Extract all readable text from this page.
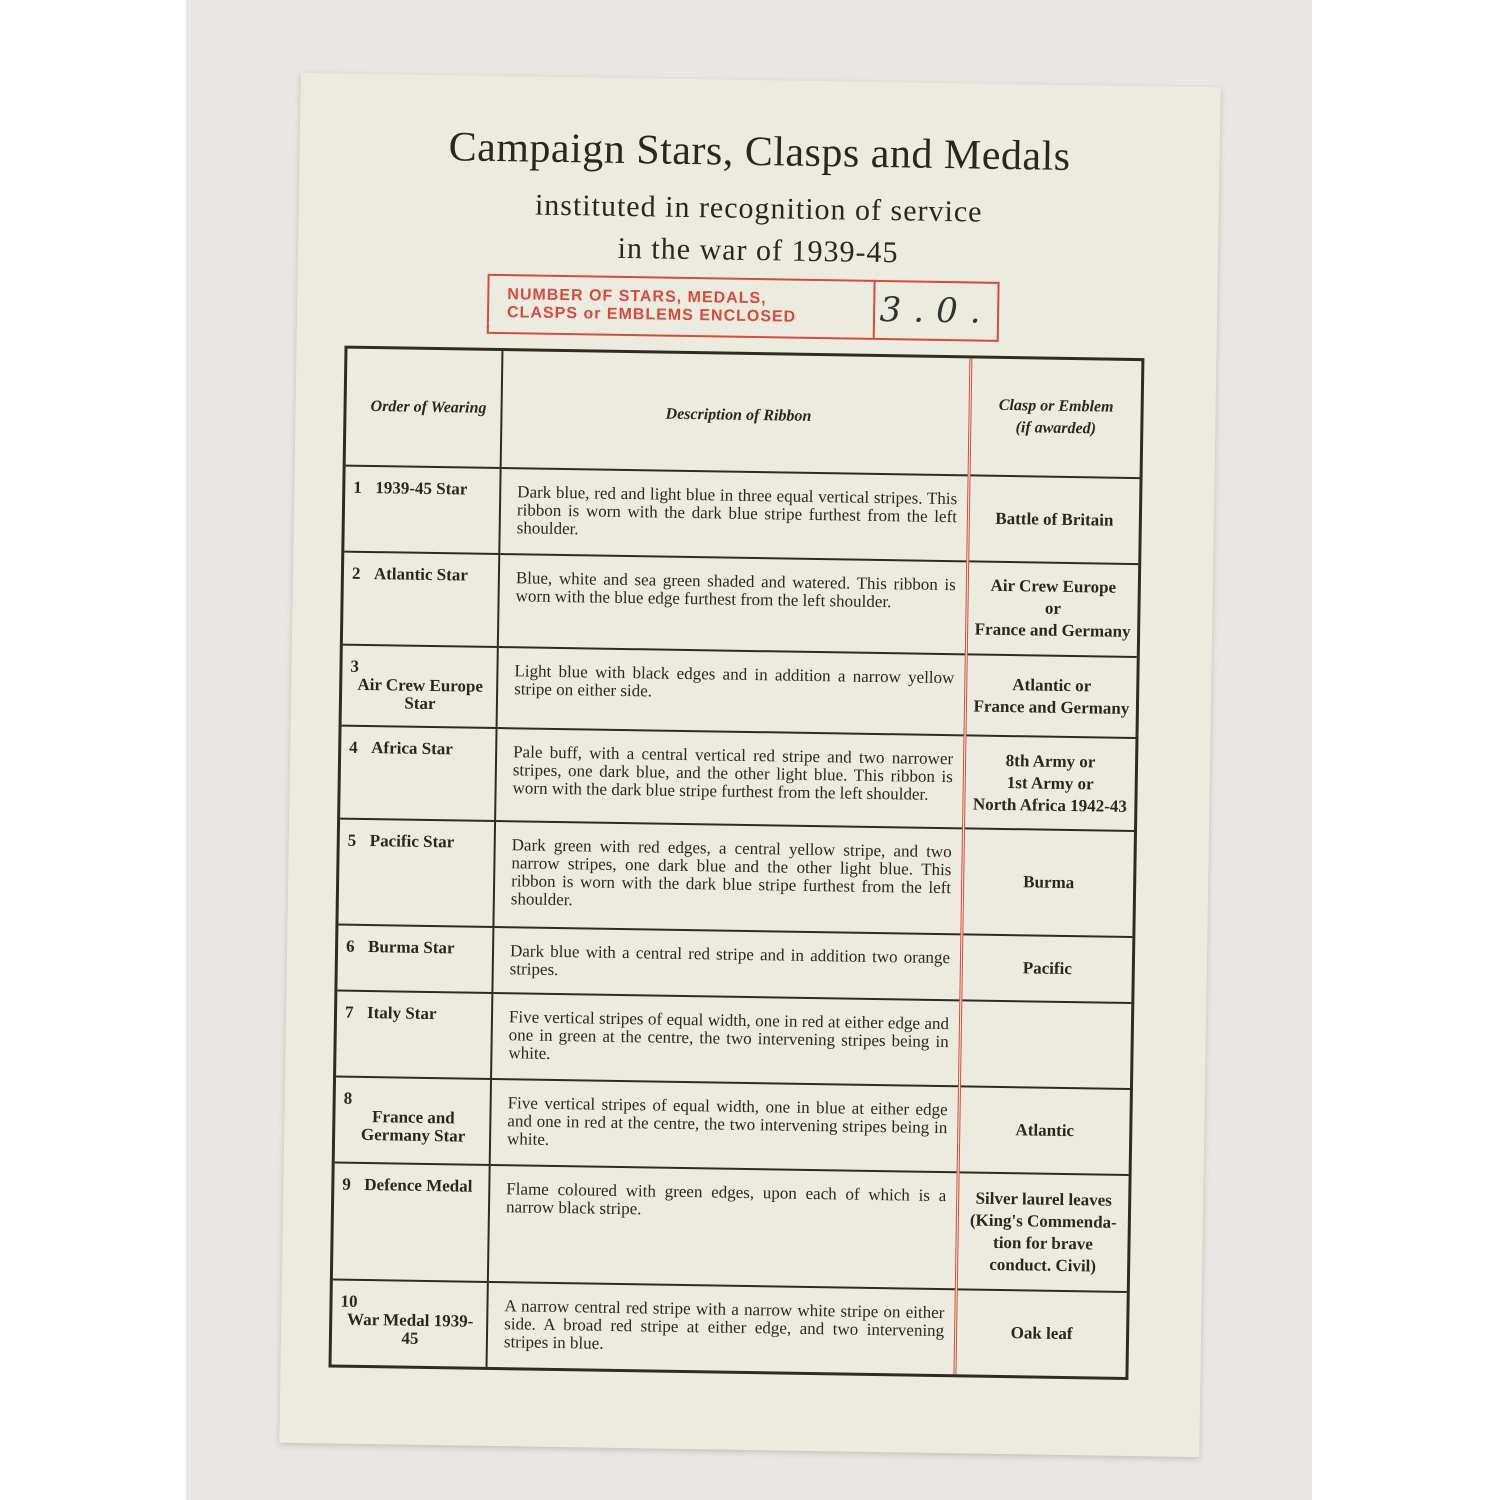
Campaign Stars, Clasps and Medals
instituted in recognition of service
in the war of 1939-45
NUMBER OF STARS, MEDALS,
CLASPS or EMBLEMS ENCLOSED	3.0.
Order of Wearing	Description of Ribbon	Clasp or Emblem
(if awarded)

1 1939-45 Star	Dark blue, red and light blue in three equal vertical stripes. This ribbon is worn with the dark blue stripe furthest from the left shoulder.	Battle of Britain

2 Atlantic Star	Blue, white and sea green shaded and watered. This ribbon is worn with the blue edge furthest from the left shoulder.	Air Crew Europe
or
France and Germany

3Air Crew Europe Star	Light blue with black edges and in addition a narrow yellow stripe on either side.	Atlantic or
France and Germany

4 Africa Star	Pale buff, with a central vertical red stripe and two narrower stripes, one dark blue, and the other light blue. This ribbon is worn with the dark blue stripe furthest from the left shoulder.	8th Army or
1st Army or
North Africa 1942-43

5 Pacific Star	Dark green with red edges, a central yellow stripe, and two narrow stripes, one dark blue and the other light blue. This ribbon is worn with the dark blue stripe furthest from the left shoulder.	Burma

6 Burma Star	Dark blue with a central red stripe and in addition two orange stripes.	Pacific

7 Italy Star	Five vertical stripes of equal width, one in red at either edge and one in green at the centre, the two intervening stripes being in white.	
8France and Germany Star	Five vertical stripes of equal width, one in blue at either edge and one in red at the centre, the two intervening stripes being in white.	Atlantic

9 Defence Medal	Flame coloured with green edges, upon each of which is a narrow black stripe.	Silver laurel leaves
(King's Commenda-
tion for brave
conduct. Civil)

10War Medal 1939-45	A narrow central red stripe with a narrow white stripe on either side. A broad red stripe at either edge, and two intervening stripes in blue.	Oak leaf
